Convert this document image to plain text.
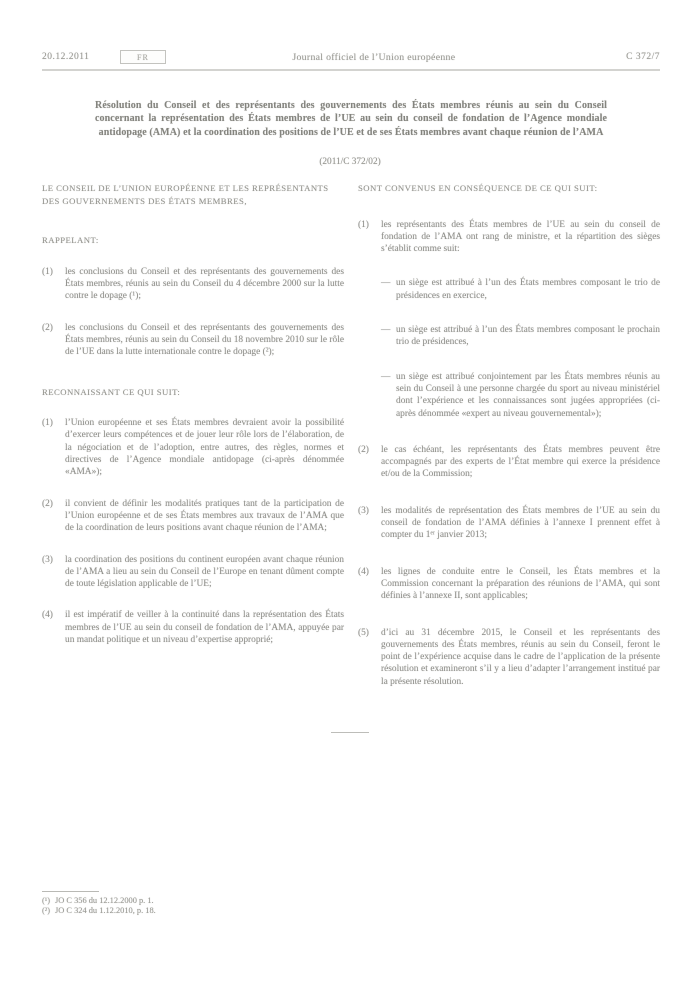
20.12.2011	FR	Journal officiel de l’Union européenne	C 372/7
Résolution du Conseil et des représentants des gouvernements des États membres réunis au sein du Conseil concernant la représentation des États membres de l’UE au sein du conseil de fondation de l’Agence mondiale antidopage (AMA) et la coordination des positions de l’UE et de ses États membres avant chaque réunion de l’AMA
(2011/C 372/02)

LE CONSEIL DE L’UNION EUROPÉENNE ET LES REPRÉSENTANTS DES GOUVERNEMENTS DES ÉTATS MEMBRES,

RAPPELANT:

(1)	les conclusions du Conseil et des représentants des gouvernements des États membres, réunis au sein du Conseil du 4 décembre 2000 sur la lutte contre le dopage (¹);
(2)	les conclusions du Conseil et des représentants des gouvernements des États membres, réunis au sein du Conseil du 18 novembre 2010 sur le rôle de l’UE dans la lutte internationale contre le dopage (²);

RECONNAISSANT CE QUI SUIT:

(1)	l’Union européenne et ses États membres devraient avoir la possibilité d’exercer leurs compétences et de jouer leur rôle lors de l’élaboration, de la négociation et de l’adoption, entre autres, des règles, normes et directives de l’Agence mondiale antidopage (ci-après dénommée «AMA»);
(2)	il convient de définir les modalités pratiques tant de la participation de l’Union européenne et de ses États membres aux travaux de l’AMA que de la coordination de leurs positions avant chaque réunion de l’AMA;
(3)	la coordination des positions du continent européen avant chaque réunion de l’AMA a lieu au sein du Conseil de l’Europe en tenant dûment compte de toute législation applicable de l’UE;
(4)	il est impératif de veiller à la continuité dans la représentation des États membres de l’UE au sein du conseil de fondation de l’AMA, appuyée par un mandat politique et un niveau d’expertise approprié;

SONT CONVENUS EN CONSÉQUENCE DE CE QUI SUIT:

(1)	les représentants des États membres de l’UE au sein du conseil de fondation de l’AMA ont rang de ministre, et la répartition des sièges s’établit comme suit:
— un siège est attribué à l’un des États membres composant le trio de présidences en exercice,
— un siège est attribué à l’un des États membres composant le prochain trio de présidences,
— un siège est attribué conjointement par les États membres réunis au sein du Conseil à une personne chargée du sport au niveau ministériel dont l’expérience et les connaissances sont jugées appropriées (ci-après dénommée «expert au niveau gouvernemental»);
(2)	le cas échéant, les représentants des États membres peuvent être accompagnés par des experts de l’État membre qui exerce la présidence et/ou de la Commission;
(3)	les modalités de représentation des États membres de l’UE au sein du conseil de fondation de l’AMA définies à l’annexe I prennent effet à compter du 1ᵉʳ janvier 2013;
(4)	les lignes de conduite entre le Conseil, les États membres et la Commission concernant la préparation des réunions de l’AMA, qui sont définies à l’annexe II, sont applicables;
(5)	d’ici au 31 décembre 2015, le Conseil et les représentants des gouvernements des États membres, réunis au sein du Conseil, feront le point de l’expérience acquise dans le cadre de l’application de la présente résolution et examineront s’il y a lieu d’adapter l’arrangement institué par la présente résolution.
(¹) JO C 356 du 12.12.2000 p. 1.
(²) JO C 324 du 1.12.2010, p. 18.
